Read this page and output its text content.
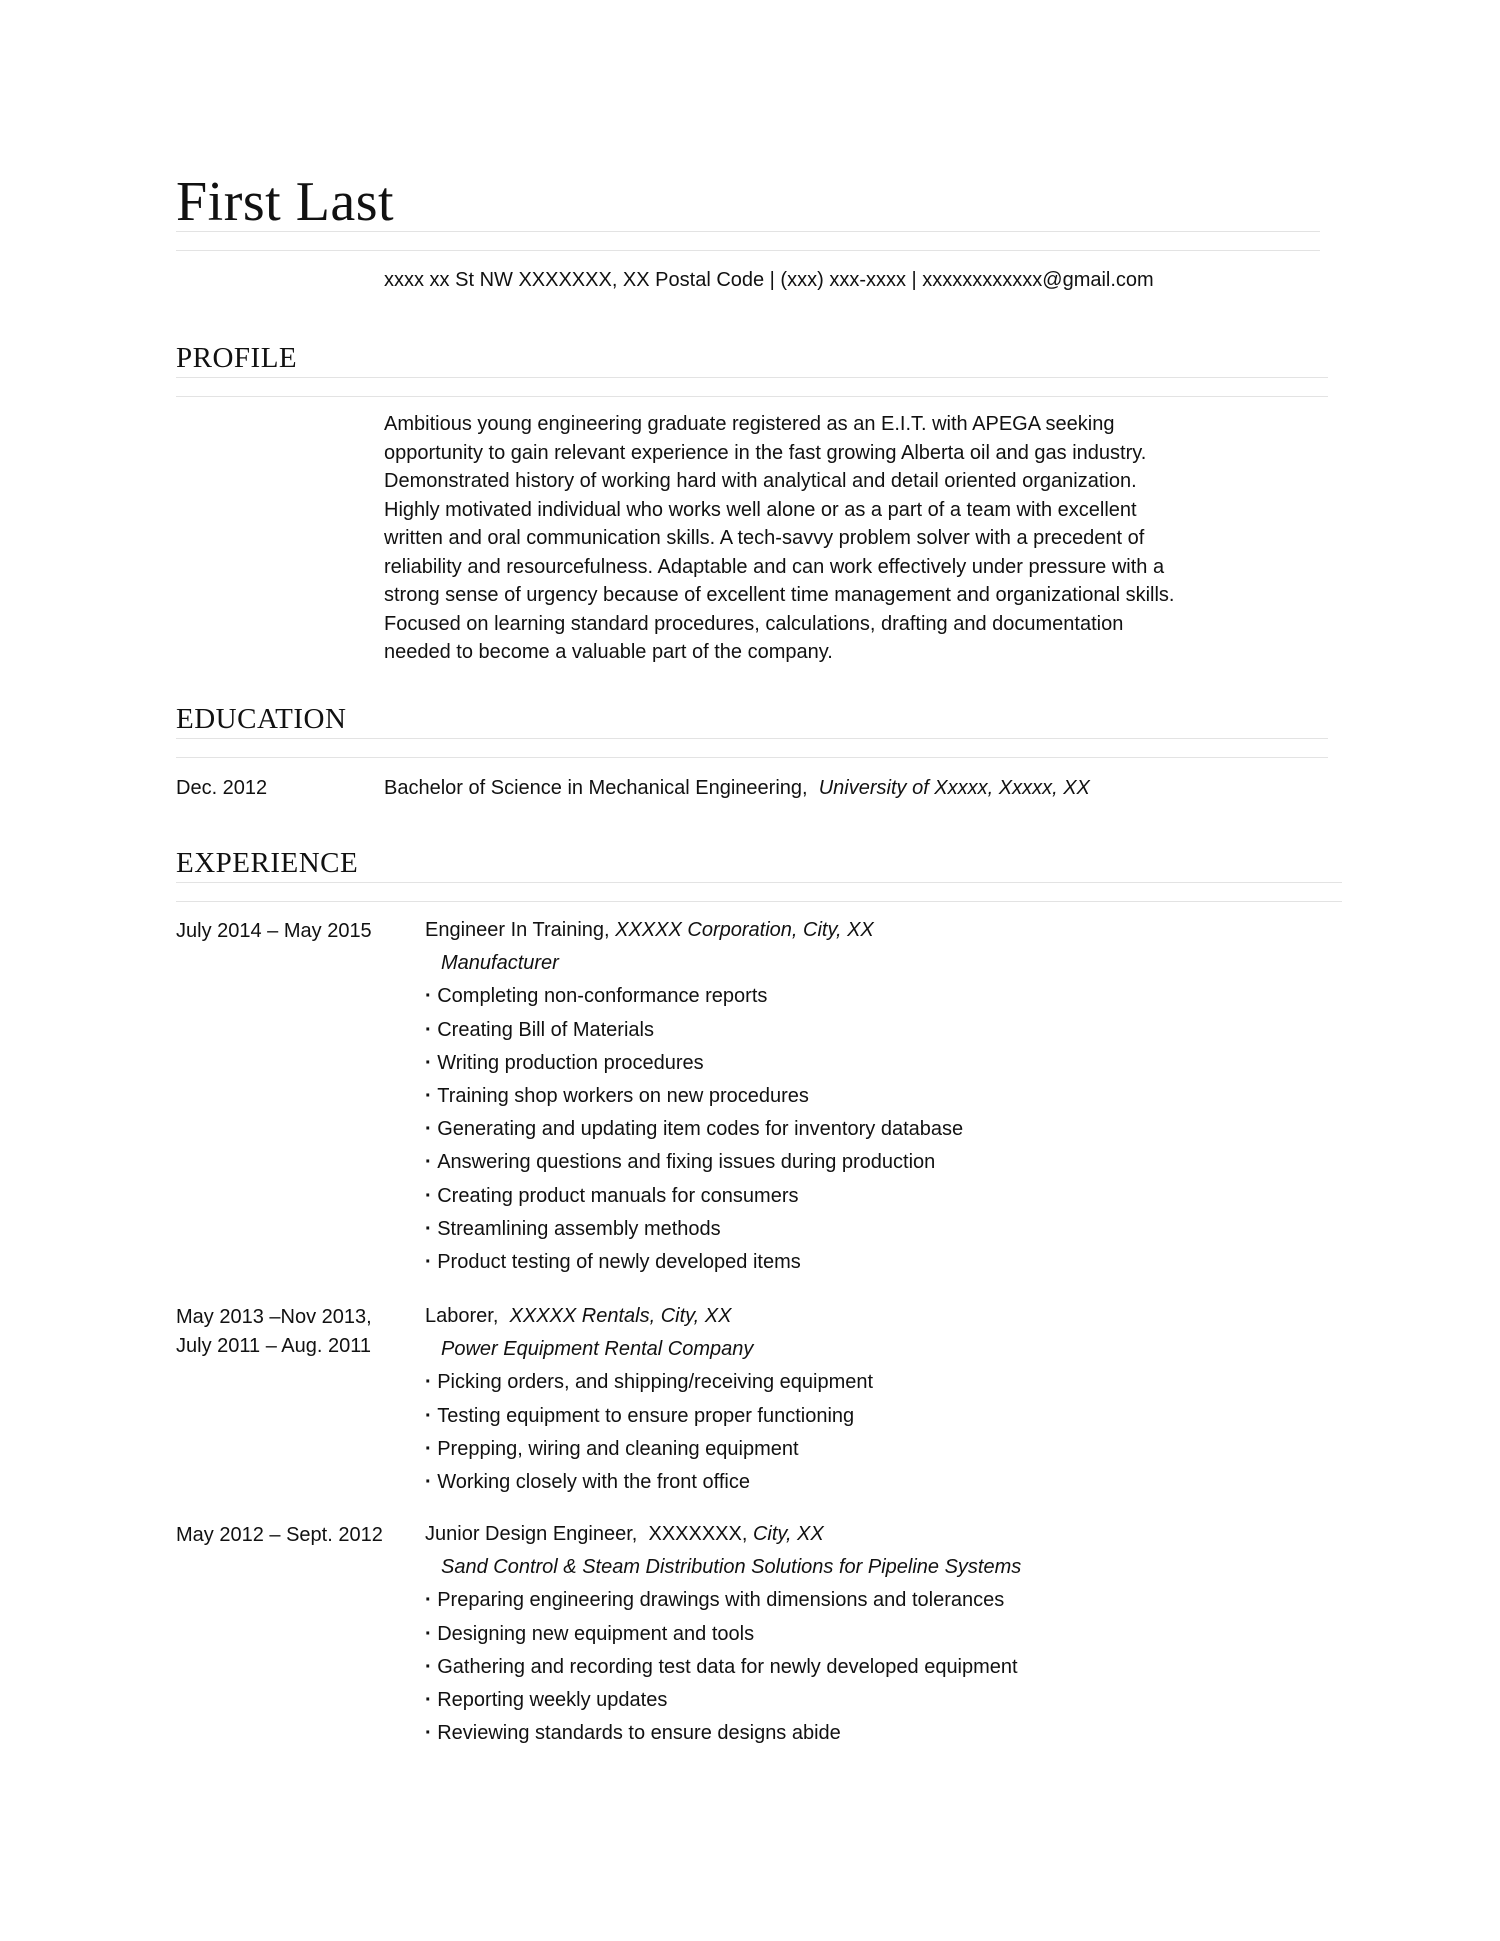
First Last
xxxx xx St NW XXXXXXX, XX Postal Code | (xxx) xxx-xxxx | xxxxxxxxxxxx@gmail.com
PROFILE
Ambitious young engineering graduate registered as an E.I.T. with APEGA seeking
opportunity to gain relevant experience in the fast growing Alberta oil and gas industry.
Demonstrated history of working hard with analytical and detail oriented organization.
Highly motivated individual who works well alone or as a part of a team with excellent
written and oral communication skills. A tech-savvy problem solver with a precedent of
reliability and resourcefulness. Adaptable and can work effectively under pressure with a
strong sense of urgency because of excellent time management and organizational skills.
Focused on learning standard procedures, calculations, drafting and documentation
needed to become a valuable part of the company.
EDUCATION
Dec. 2012	Bachelor of Science in Mechanical Engineering, University of Xxxxx, Xxxxx, XX
EXPERIENCE
July 2014 – May 2015	Engineer In Training, XXXXX Corporation, City, XX
Manufacturer
· Completing non-conformance reports
· Creating Bill of Materials
· Writing production procedures
· Training shop workers on new procedures
· Generating and updating item codes for inventory database
· Answering questions and fixing issues during production
· Creating product manuals for consumers
· Streamlining assembly methods
· Product testing of newly developed items
May 2013 –Nov 2013,
July 2011 – Aug. 2011
Laborer, XXXXX Rentals, City, XX
Power Equipment Rental Company
· Picking orders, and shipping/receiving equipment
· Testing equipment to ensure proper functioning
· Prepping, wiring and cleaning equipment
· Working closely with the front office
May 2012 – Sept. 2012 Junior Design Engineer, XXXXXXX, City, XX
Sand Control & Steam Distribution Solutions for Pipeline Systems
· Preparing engineering drawings with dimensions and tolerances
· Designing new equipment and tools
· Gathering and recording test data for newly developed equipment
· Reporting weekly updates
· Reviewing standards to ensure designs abide
